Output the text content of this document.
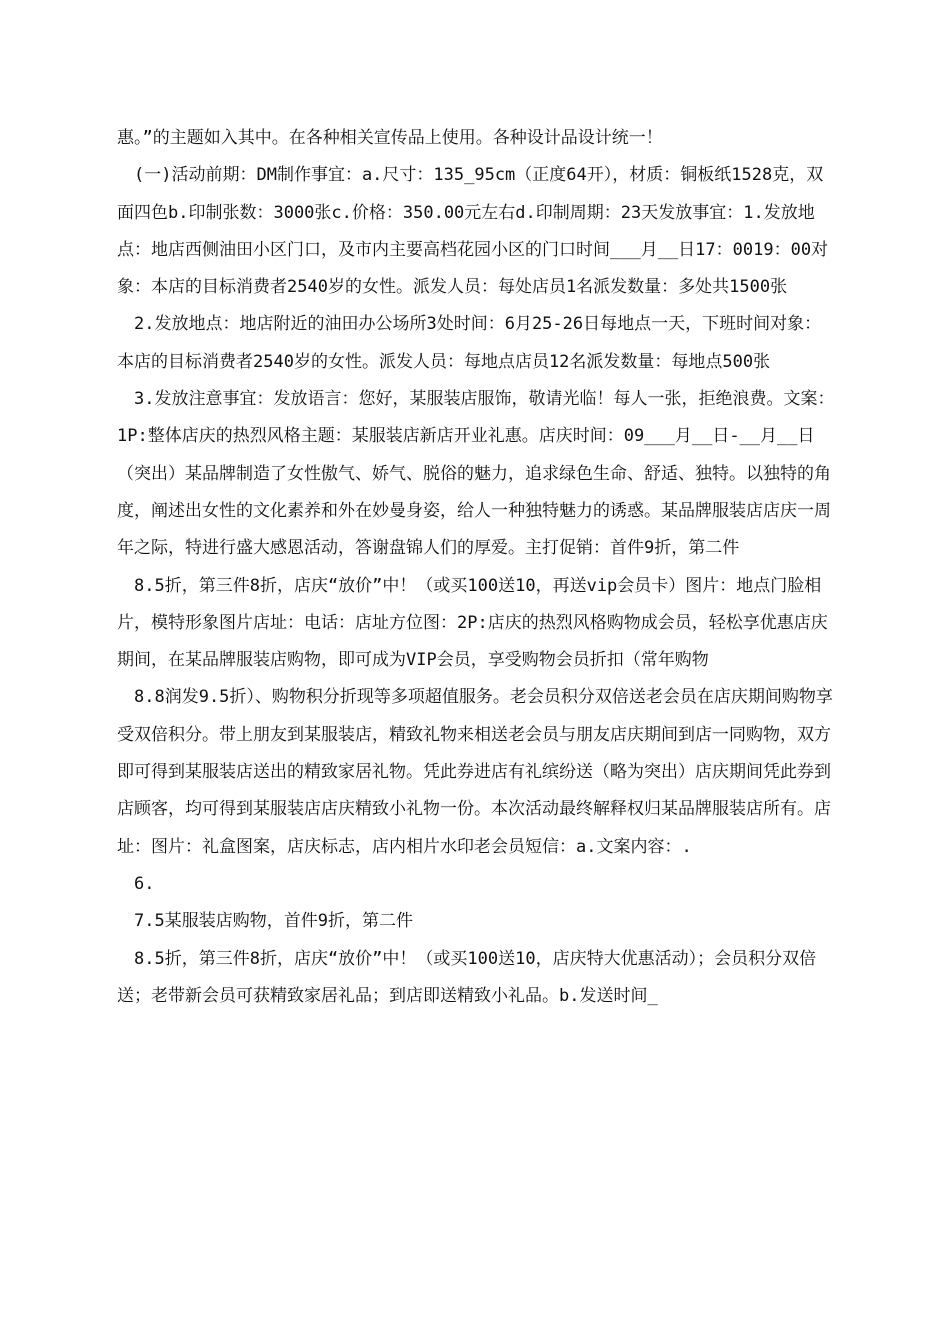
惠。”的主题如入其中。在各种相关宣传品上使用。各种设计品设计统一！

(一)活动前期：DM制作事宜：a.尺寸：135_95cm（正度64开），材质：铜板纸1528克，双面四色b.印制张数：3000张c.价格：350.00元左右d.印制周期：23天发放事宜：1.发放地点：地店西侧油田小区门口，及市内主要高档花园小区的门口时间___月__日17：0019：00对象：本店的目标消费者2540岁的女性。派发人员：每处店员1名派发数量：多处共1500张

2.发放地点：地店附近的油田办公场所3处时间：6月25-26日每地点一天，下班时间对象：本店的目标消费者2540岁的女性。派发人员：每地点店员12名派发数量：每地点500张

3.发放注意事宜：发放语言：您好，某服装店服饰，敬请光临！每人一张，拒绝浪费。文案：1P:整体店庆的热烈风格主题：某服装店新店开业礼惠。店庆时间：09___月__日-__月__日（突出）某品牌制造了女性傲气、娇气、脱俗的魅力，追求绿色生命、舒适、独特。以独特的角度，阐述出女性的文化素养和外在妙曼身姿，给人一种独特魅力的诱惑。某品牌服装店店庆一周年之际，特进行盛大感恩活动，答谢盘锦人们的厚爱。主打促销：首件9折，第二件

8.5折，第三件8折，店庆“放价”中！（或买100送10，再送vip会员卡）图片：地点门脸相片，模特形象图片店址：电话：店址方位图：2P:店庆的热烈风格购物成会员，轻松享优惠店庆期间，在某品牌服装店购物，即可成为VIP会员，享受购物会员折扣（常年购物

8.8润发9.5折）、购物积分折现等多项超值服务。老会员积分双倍送老会员在店庆期间购物享受双倍积分。带上朋友到某服装店，精致礼物来相送老会员与朋友店庆期间到店一同购物，双方即可得到某服装店送出的精致家居礼物。凭此券进店有礼缤纷送（略为突出）店庆期间凭此券到店顾客，均可得到某服装店店庆精致小礼物一份。本次活动最终解释权归某品牌服装店所有。店址：图片：礼盒图案，店庆标志，店内相片水印老会员短信：a.文案内容：.

6.

7.5某服装店购物，首件9折，第二件

8.5折，第三件8折，店庆“放价”中！（或买100送10，店庆特大优惠活动）；会员积分双倍送；老带新会员可获精致家居礼品；到店即送精致小礼品。b.发送时间_
